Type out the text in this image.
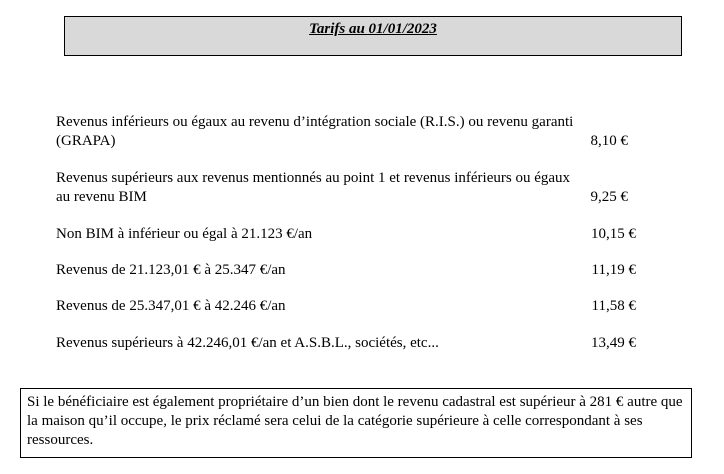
Tarifs au 01/01/2023
Revenus inférieurs ou égaux au revenu d’intégration sociale (R.I.S.) ou revenu garanti (GRAPA)	8,10 €
Revenus supérieurs aux revenus mentionnés au point 1 et revenus inférieurs ou égaux au revenu BIM	9,25 €
Non BIM à inférieur ou égal à 21.123 €/an	10,15 €
Revenus de 21.123,01 € à 25.347 €/an	11,19 €
Revenus de 25.347,01 € à 42.246 €/an	11,58 €
Revenus supérieurs à 42.246,01 €/an et A.S.B.L., sociétés, etc...	13,49 €
Si le bénéficiaire est également propriétaire d’un bien dont le revenu cadastral est supérieur à 281 € autre que la maison qu’il occupe, le prix réclamé sera celui de la catégorie supérieure à celle correspondant à ses ressources.
